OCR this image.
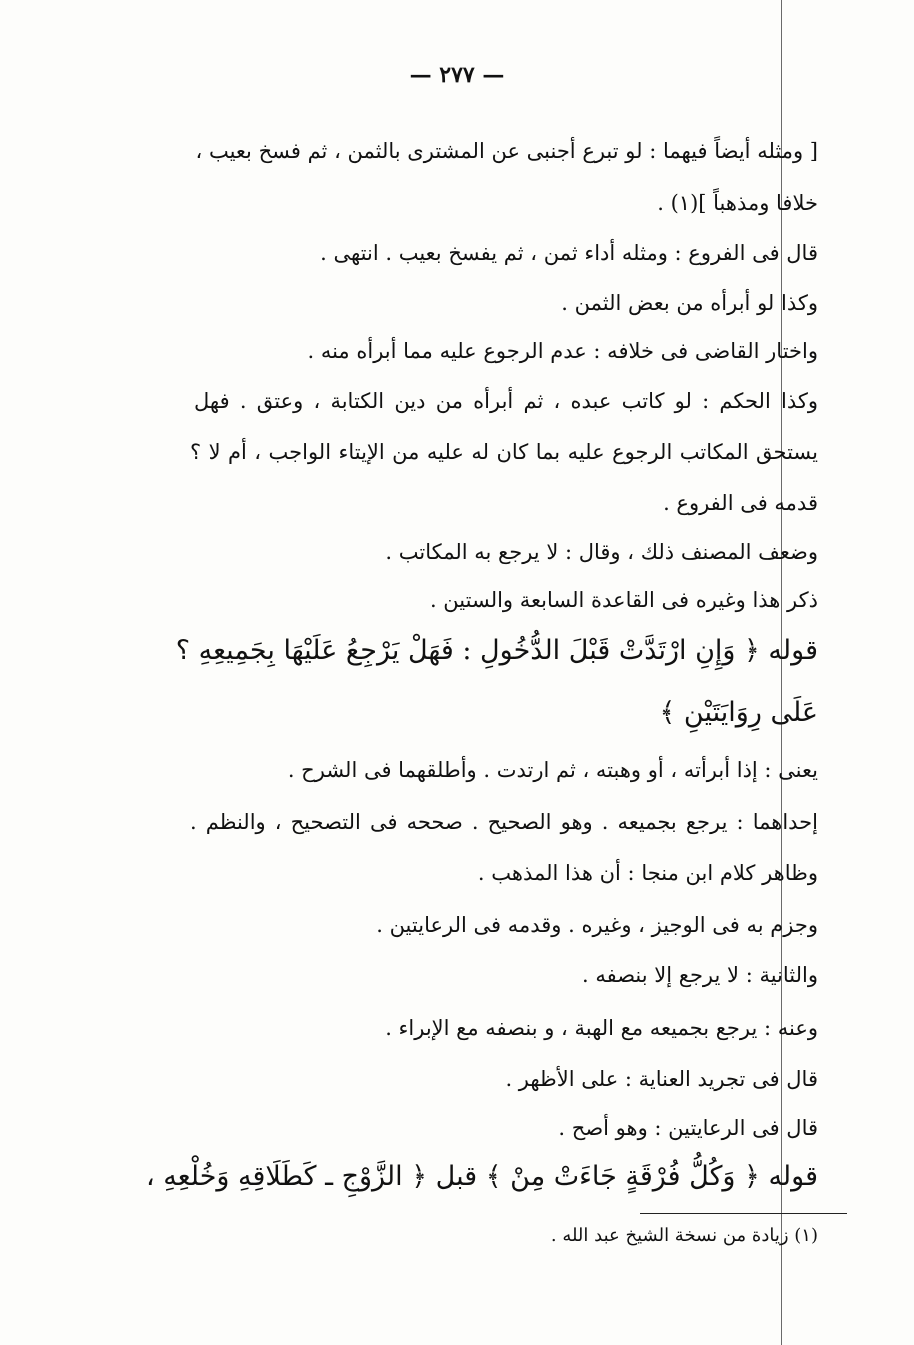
— ٢٧٧ —
[ ومثله أيضاً فيهما : لو تبرع أجنبى عن المشترى بالثمن ، ثم فسخ بعيب ،
خلافا ومذهباً ](١) .
قال فى الفروع : ومثله أداء ثمن ، ثم يفسخ بعيب . انتهى .
وكذا لو أبرأه من بعض الثمن .
واختار القاضى فى خلافه : عدم الرجوع عليه مما أبرأه منه .
وكذا الحكم : لو كاتب عبده ، ثم أبرأه من دين الكتابة ، وعتق . فهل
يستحق المكاتب الرجوع عليه بما كان له عليه من الإيتاء الواجب ، أم لا ؟
قدمه فى الفروع .
وضعف المصنف ذلك ، وقال : لا يرجع به المكاتب .
ذكر هذا وغيره فى القاعدة السابعة والستين .
قوله ﴿ وَإِنِ ارْتَدَّتْ قَبْلَ الدُّخُولِ : فَهَلْ يَرْجِعُ عَلَيْهَا بِجَمِيعِهِ ؟
عَلَى رِوَايَتَيْنِ ﴾
يعنى : إذا أبرأته ، أو وهبته ، ثم ارتدت . وأطلقهما فى الشرح .
إحداهما : يرجع بجميعه . وهو الصحيح . صححه فى التصحيح ، والنظم .
وظاهر كلام ابن منجا : أن هذا المذهب .
وجزم به فى الوجيز ، وغيره . وقدمه فى الرعايتين .
والثانية : لا يرجع إلا بنصفه .
وعنه : يرجع بجميعه مع الهبة ، و بنصفه مع الإبراء .
قال فى تجريد العناية : على الأظهر .
قال فى الرعايتين : وهو أصح .
قوله ﴿ وَكُلُّ فُرْقَةٍ جَاءَتْ مِنْ ﴾ قبل ﴿ الزَّوْجِ ـ كَطَلَاقِهِ وَخُلْعِهِ ،
(١) زيادة من نسخة الشيخ عبد الله .
